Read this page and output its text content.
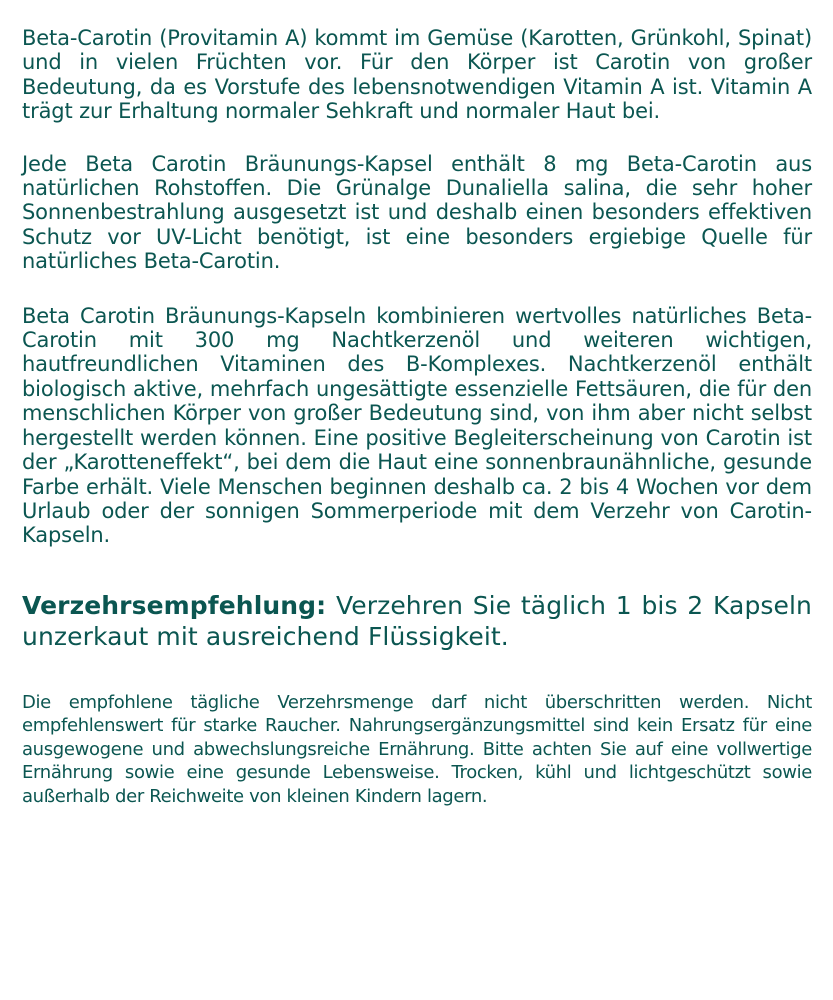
Beta-Carotin (Provitamin A) kommt im Gemüse (Karotten, Grünkohl, Spinat) und in vielen Früchten vor. Für den Körper ist Carotin von großer Bedeutung, da es Vorstufe des lebensnotwendigen Vitamin A ist. Vitamin A trägt zur Erhaltung normaler Sehkraft und normaler Haut bei.

Jede Beta Carotin Bräunungs-Kapsel enthält 8 mg Beta-Carotin aus natürlichen Rohstoffen. Die Grünalge Dunaliella salina, die sehr hoher Sonnenbestrahlung ausgesetzt ist und deshalb einen besonders effektiven Schutz vor UV-Licht benötigt, ist eine besonders ergiebige Quelle für natürliches Beta-Carotin.

Beta Carotin Bräunungs-Kapseln kombinieren wertvolles natürliches Beta-Carotin mit 300 mg Nachtkerzenöl und weiteren wichtigen, hautfreundlichen Vitaminen des B-Komplexes. Nachtkerzenöl enthält biologisch aktive, mehrfach ungesättigte essenzielle Fettsäuren, die für den menschlichen Körper von großer Bedeutung sind, von ihm aber nicht selbst hergestellt werden können. Eine positive Begleiterscheinung von Carotin ist der „Karotteneffekt“, bei dem die Haut eine sonnenbraunähnliche, gesunde Farbe erhält. Viele Menschen beginnen deshalb ca. 2 bis 4 Wochen vor dem Urlaub oder der sonnigen Sommerperiode mit dem Verzehr von Carotin-Kapseln.

Verzehrsempfehlung: Verzehren Sie täglich 1 bis 2 Kapseln unzerkaut mit ausreichend Flüssigkeit.

Die empfohlene tägliche Verzehrsmenge darf nicht überschritten werden. Nicht empfehlenswert für starke Raucher. Nahrungsergänzungsmittel sind kein Ersatz für eine ausgewogene und abwechslungsreiche Ernährung. Bitte achten Sie auf eine vollwertige Ernährung sowie eine gesunde Lebensweise. Trocken, kühl und lichtgeschützt sowie außerhalb der Reichweite von kleinen Kindern lagern.
